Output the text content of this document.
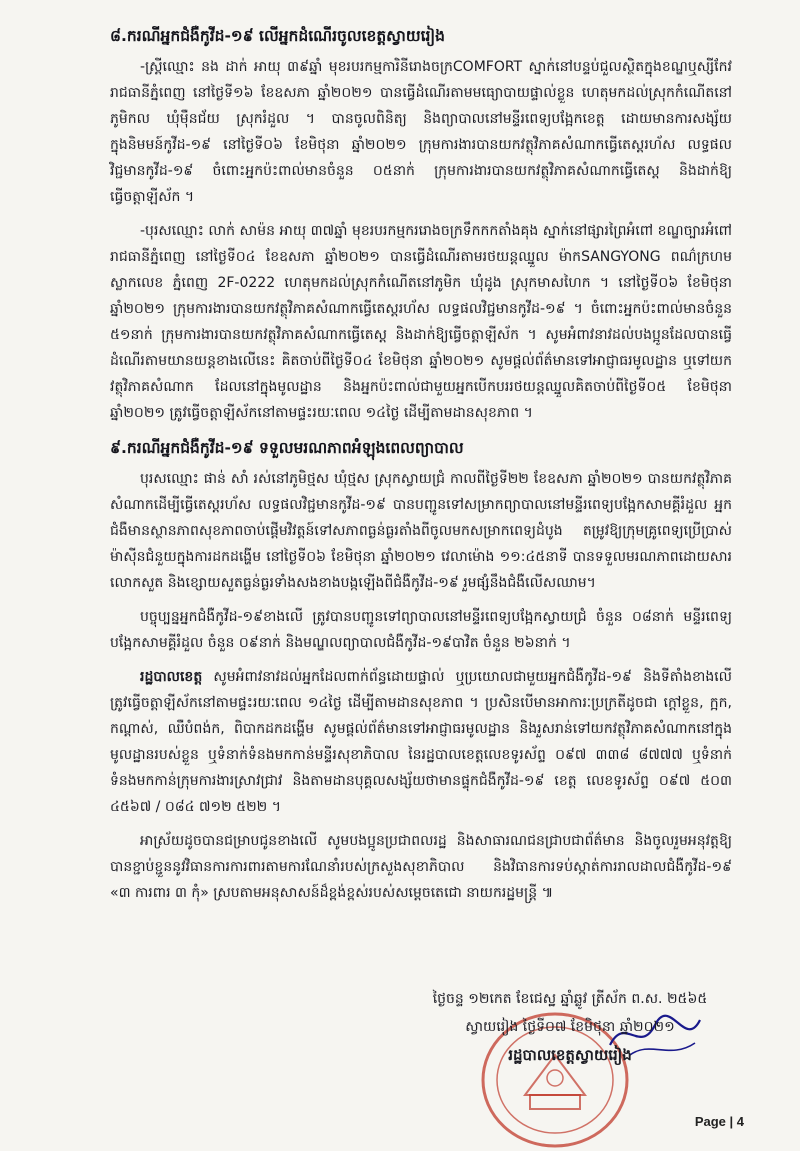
៨.ករណីអ្នកជំងឺកូវីដ-១៩ លើអ្នកដំណើរចូលខេត្តស្វាយរៀង

-ស្ត្រីឈ្មោះ នង ដាក់ អាយុ ៣៩ឆ្នាំ មុខរបរកម្មការិនីរោងចក្រCOMFORT ស្នាក់នៅបន្ទប់ជួលស្ថិតក្នុងខណ្ឌឬស្សីកែវ រាជធានីភ្នំពេញ នៅថ្ងៃទី១៦ ខែឧសភា ឆ្នាំ២០២១ បានធ្វើដំណើរតាមមធ្យោបាយផ្ទាល់ខ្លួន ហេតុមកដល់ស្រុកកំណើតនៅភូមិកល ឃុំមុឺនជ័យ ស្រុករំដួល ។ បានចូលពិនិត្យ និងព្យាបាលនៅមន្ទីរពេទ្យបង្អែកខេត្ត ដោយមានការសង្ស័យក្នុងនិមមន៍កូវីដ-១៩ នៅថ្ងៃទី០៦ ខែមិថុនា ឆ្នាំ២០២១ ក្រុមការងារបានយកវត្ថុវិភាគសំណាកធ្វើតេស្តរហ័ស លទ្ធផលវិជ្ជមានកូវីដ-១៩ ចំពោះអ្នកប៉ះពាល់មានចំនួន ០៥នាក់ ក្រុមការងារបានយកវត្ថុវិភាគសំណាកធ្វើតេស្ត និងដាក់ឱ្យធ្វើចត្តាឡីស័ក ។

-បុរសឈ្មោះ លាក់ សាម៉ន អាយុ ៣៧ឆ្នាំ មុខរបរកម្មកររោងចក្រទឹកកកតាំងគុង ស្នាក់នៅផ្សារព្រៃអំពៅ ខណ្ឌច្បារអំពៅ រាជធានីភ្នំពេញ នៅថ្ងៃទី០៤ ខែឧសភា ឆ្នាំ២០២១ បានធ្វើដំណើរតាមរថយន្តឈ្នួល ម៉ាកSANGYONG ពណ៌ក្រហម ស្លាកលេខ ភ្នំពេញ 2F-0222 ហេតុមកដល់ស្រុកកំណើតនៅភូមិក ឃុំដូង ស្រុកមាសហៃក ។ នៅថ្ងៃទី០៦ ខែមិថុនា ឆ្នាំ២០២១ ក្រុមការងារបានយកវត្ថុវិភាគសំណាកធ្វើតេស្តរហ័ស លទ្ធផលវិជ្ជមានកូវីដ-១៩ ។ ចំពោះអ្នកប៉ះពាល់មានចំនួន ៥១នាក់ ក្រុមការងារបានយកវត្ថុវិភាគសំណាកធ្វើតេស្ត និងដាក់ឱ្យធ្វើចត្តាឡីស័ក ។ សូមអំពាវនាវដល់បងប្អូនដែលបានធ្វើដំណើរតាមយានយន្តខាងលើនេះ គិតចាប់ពីថ្ងៃទី០៤ ខែមិថុនា ឆ្នាំ២០២១ សូមផ្តល់ព័ត៌មានទៅអាជ្ញាធរមូលដ្ឋាន ឬទៅយកវត្ថុវិភាគសំណាក ដែលនៅក្នុងមូលដ្ឋាន និងអ្នកប៉ះពាល់ជាមួយអ្នកបើកបររថយន្តឈ្នួលគិតចាប់ពីថ្ងៃទី០៥ ខែមិថុនា ឆ្នាំ២០២១ ត្រូវធ្វើចត្តាឡីស័កនៅតាមផ្ទះរយៈពេល ១៤ថ្ងៃ ដើម្បីតាមដានសុខភាព ។

៩.ករណីអ្នកជំងឺកូវីដ-១៩ ទទួលមរណភាពអំឡុងពេលព្យាបាល

បុរសឈ្មោះ ផាន់ សាំ រស់នៅភូមិថ្មស ឃុំថ្មស ស្រុកស្វាយជ្រំ កាលពីថ្ងៃទី២២ ខែឧសភា ឆ្នាំ២០២១ បានយកវត្ថុវិភាគសំណាកដើម្បីធ្វើតេស្តរហ័ស លទ្ធផលវិជ្ជមានកូវីដ-១៩ បានបញ្ជូនទៅសម្រាកព្យាបាលនៅមន្ទីរពេទ្យបង្អែកសាមគ្គីរំដួល អ្នកជំងឺមានស្ថានភាពសុខភាពចាប់ផ្តើមវិវត្តន៍ទៅសភាពធ្ងន់ធ្ងរតាំងពីចូលមកសម្រាកពេទ្យដំបូង តម្រូវឱ្យក្រុមគ្រូពេទ្យប្រើប្រាស់ម៉ាស៊ីនជំនួយក្នុងការដកដង្ហើម នៅថ្ងៃទី០៦ ខែមិថុនា ឆ្នាំ២០២១ វេលាម៉ោង ១១:៤៥នាទី បានទទួលមរណភាពដោយសារលោកសួត និងខ្សោយសួតធ្ងន់ធ្ងរទាំងសងខាងបង្កឡើងពីជំងឺកូវីដ-១៩ រួមផ្សំនឹងជំងឺលើសឈាម។

បច្ចុប្បន្នអ្នកជំងឺកូវីដ-១៩ខាងលើ ត្រូវបានបញ្ជូនទៅព្យាបាលនៅមន្ទីរពេទ្យបង្អែកស្វាយជ្រំ ចំនួន ០៨នាក់ មន្ទីរពេទ្យបង្អែកសាមគ្គីរំដួល ចំនួន ០៩នាក់ និងមណ្ឌលព្យាបាលជំងឺកូវីដ-១៩បាវិត ចំនួន ២៦នាក់ ។

រដ្ឋបាលខេត្ត សូមអំពាវនាវដល់អ្នកដែលពាក់ព័ន្ធដោយផ្ទាល់ ឬប្រយោលជាមួយអ្នកជំងឺកូវីដ-១៩ និងទីតាំងខាងលើ ត្រូវធ្វើចត្តាឡីស័កនៅតាមផ្ទះរយៈពេល ១៤ថ្ងៃ ដើម្បីតាមដានសុខភាព ។ ប្រសិនបើមានអាការៈប្រក្រតីដូចជា ក្តៅខ្លួន, ក្អក, កណ្តាស់, ឈឺបំពង់ក, ពិបាកដកដង្ហើម សូមផ្តល់ព័ត៌មានទៅអាជ្ញាធរមូលដ្ឋាន និងរួសរាន់ទៅយកវត្ថុវិភាគសំណាកនៅក្នុងមូលដ្ឋានរបស់ខ្លួន ឬទំនាក់ទំនងមកកាន់មន្ទីរសុខាភិបាល នៃរដ្ឋបាលខេត្តលេខទូរស័ព្ទ ០៩៧ ៣៣៨ ៨៧៧៧ ឬទំនាក់ទំនងមកកាន់ក្រុមការងារស្រាវជ្រាវ និងតាមដានបុគ្គលសង្ស័យថាមានផ្ទុកជំងឺកូវីដ-១៩ ខេត្ត លេខទូរស័ព្ទ ០៩៧ ៥០៣ ៤៥៦៧ / ០៨៤ ៧១២ ៥២២ ។

អាស្រ័យដូចបានជម្រាបជូនខាងលើ សូមបងប្អូនប្រជាពលរដ្ឋ និងសាធារណជនជ្រាបជាព័ត៌មាន និងចូលរួមអនុវត្តឱ្យបានខ្ជាប់ខ្ជួននូវវិធានការការពារតាមការណែនាំរបស់ក្រសួងសុខាភិបាល និងវិធានការទប់ស្កាត់ការរាលដាលជំងឺកូវីដ-១៩ «៣ ការពារ ៣ កុំ» ស្របតាមអនុសាសន៍ដ៏ខ្ពង់ខ្ពស់របស់សម្តេចតេជោ នាយករដ្ឋមន្ត្រី ៕

ថ្ងៃចន្ទ ១២កេត ខែជេស្ឋ ឆ្នាំឆ្លូវ ត្រីស័ក ព.ស. ២៥៦៥
ស្វាយរៀង ថ្ងៃទី០៧ ខែមិថុនា ឆ្នាំ២០២១
រដ្ឋបាលខេត្តស្វាយរៀង
Page | 4
